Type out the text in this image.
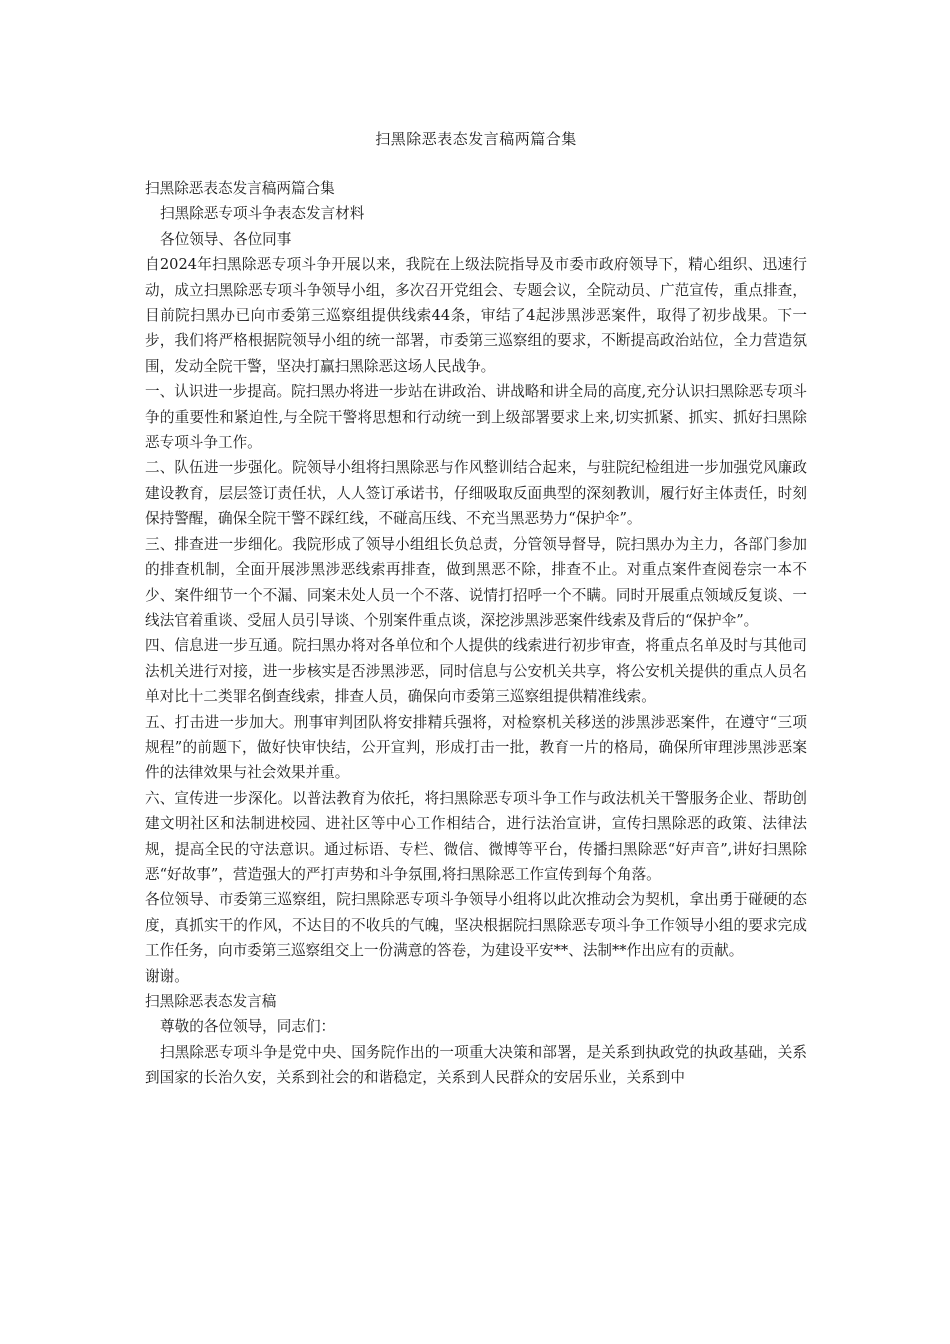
扫黑除恶表态发言稿两篇合集

扫黑除恶表态发言稿两篇合集

扫黑除恶专项斗争表态发言材料

各位领导、各位同事

自2024年扫黑除恶专项斗争开展以来，我院在上级法院指导及市委市政府领导下，精心组织、迅速行动，成立扫黑除恶专项斗争领导小组，多次召开党组会、专题会议，全院动员、广范宣传，重点排查，目前院扫黑办已向市委第三巡察组提供线索44条，审结了4起涉黑涉恶案件，取得了初步战果。下一步，我们将严格根据院领导小组的统一部署，市委第三巡察组的要求，不断提高政治站位，全力营造氛围，发动全院干警，坚决打赢扫黑除恶这场人民战争。

一、认识进一步提高。院扫黑办将进一步站在讲政治、讲战略和讲全局的高度,充分认识扫黑除恶专项斗争的重要性和紧迫性,与全院干警将思想和行动统一到上级部署要求上来,切实抓紧、抓实、抓好扫黑除恶专项斗争工作。

二、队伍进一步强化。院领导小组将扫黑除恶与作风整训结合起来，与驻院纪检组进一步加强党风廉政建设教育，层层签订责任状，人人签订承诺书，仔细吸取反面典型的深刻教训，履行好主体责任，时刻保持警醒，确保全院干警不踩红线，不碰高压线、不充当黑恶势力“保护伞”。

三、排查进一步细化。我院形成了领导小组组长负总责，分管领导督导，院扫黑办为主力，各部门参加的排查机制，全面开展涉黑涉恶线索再排查，做到黑恶不除，排查不止。对重点案件查阅卷宗一本不少、案件细节一个不漏、同案未处人员一个不落、说情打招呼一个不瞒。同时开展重点领域反复谈、一线法官着重谈、受屈人员引导谈、个别案件重点谈，深挖涉黑涉恶案件线索及背后的“保护伞”。

四、信息进一步互通。院扫黑办将对各单位和个人提供的线索进行初步审查，将重点名单及时与其他司法机关进行对接，进一步核实是否涉黑涉恶，同时信息与公安机关共享，将公安机关提供的重点人员名单对比十二类罪名倒查线索，排查人员，确保向市委第三巡察组提供精准线索。

五、打击进一步加大。刑事审判团队将安排精兵强将，对检察机关移送的涉黑涉恶案件，在遵守“三项规程”的前题下，做好快审快结，公开宣判，形成打击一批，教育一片的格局，确保所审理涉黑涉恶案件的法律效果与社会效果并重。

六、宣传进一步深化。以普法教育为依托，将扫黑除恶专项斗争工作与政法机关干警服务企业、帮助创建文明社区和法制进校园、进社区等中心工作相结合，进行法治宣讲，宣传扫黑除恶的政策、法律法规，提高全民的守法意识。通过标语、专栏、微信、微博等平台，传播扫黑除恶“好声音”,讲好扫黑除恶“好故事”，营造强大的严打声势和斗争氛围,将扫黑除恶工作宣传到每个角落。

各位领导、市委第三巡察组，院扫黑除恶专项斗争领导小组将以此次推动会为契机，拿出勇于碰硬的态度，真抓实干的作风，不达目的不收兵的气魄，坚决根据院扫黑除恶专项斗争工作领导小组的要求完成工作任务，向市委第三巡察组交上一份满意的答卷，为建设平安**、法制**作出应有的贡献。

谢谢。

扫黑除恶表态发言稿

尊敬的各位领导，同志们：

扫黑除恶专项斗争是党中央、国务院作出的一项重大决策和部署，是关系到执政党的执政基础，关系到国家的长治久安，关系到社会的和谐稳定，关系到人民群众的安居乐业，关系到中
